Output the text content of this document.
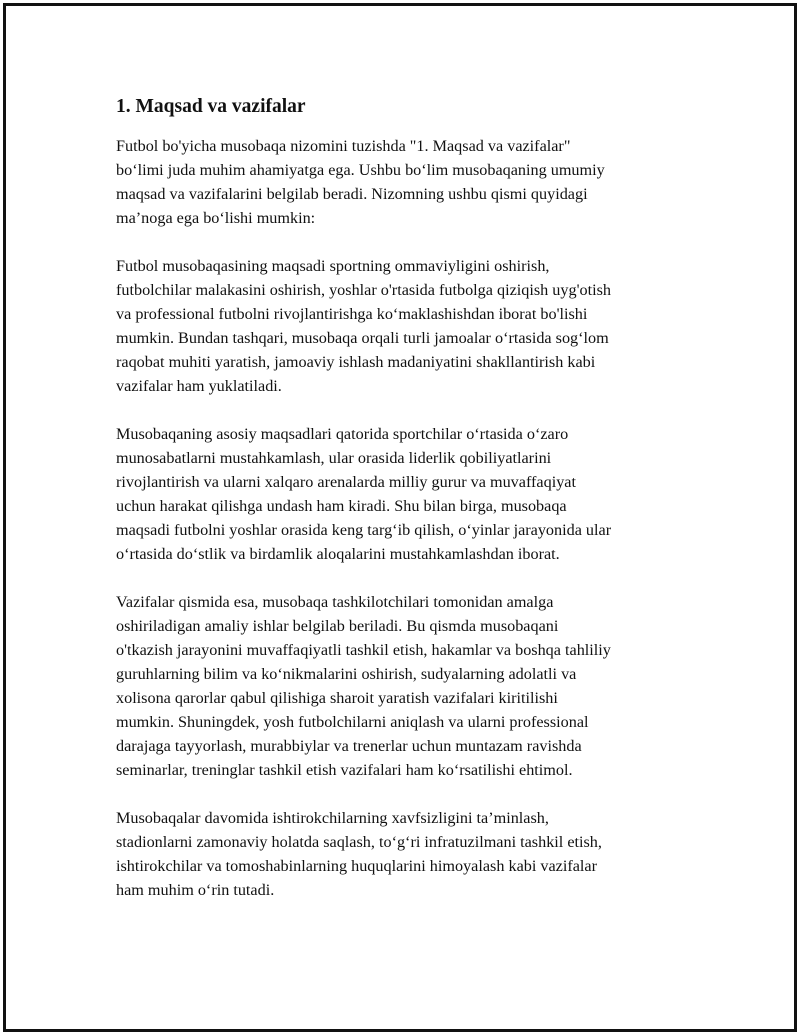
1. Maqsad va vazifalar

Futbol bo'yicha musobaqa nizomini tuzishda "1. Maqsad va vazifalar"
bo‘limi juda muhim ahamiyatga ega. Ushbu bo‘lim musobaqaning umumiy
maqsad va vazifalarini belgilab beradi. Nizomning ushbu qismi quyidagi
ma’noga ega bo‘lishi mumkin:

Futbol musobaqasining maqsadi sportning ommaviyligini oshirish,
futbolchilar malakasini oshirish, yoshlar o'rtasida futbolga qiziqish uyg'otish
va professional futbolni rivojlantirishga ko‘maklashishdan iborat bo'lishi
mumkin. Bundan tashqari, musobaqa orqali turli jamoalar o‘rtasida sog‘lom
raqobat muhiti yaratish, jamoaviy ishlash madaniyatini shakllantirish kabi
vazifalar ham yuklatiladi.

Musobaqaning asosiy maqsadlari qatorida sportchilar o‘rtasida o‘zaro
munosabatlarni mustahkamlash, ular orasida liderlik qobiliyatlarini
rivojlantirish va ularni xalqaro arenalarda milliy gurur va muvaffaqiyat
uchun harakat qilishga undash ham kiradi. Shu bilan birga, musobaqa
maqsadi futbolni yoshlar orasida keng targ‘ib qilish, o‘yinlar jarayonida ular
o‘rtasida do‘stlik va birdamlik aloqalarini mustahkamlashdan iborat.

Vazifalar qismida esa, musobaqa tashkilotchilari tomonidan amalga
oshiriladigan amaliy ishlar belgilab beriladi. Bu qismda musobaqani
o'tkazish jarayonini muvaffaqiyatli tashkil etish, hakamlar va boshqa tahliliy
guruhlarning bilim va ko‘nikmalarini oshirish, sudyalarning adolatli va
xolisona qarorlar qabul qilishiga sharoit yaratish vazifalari kiritilishi
mumkin. Shuningdek, yosh futbolchilarni aniqlash va ularni professional
darajaga tayyorlash, murabbiylar va trenerlar uchun muntazam ravishda
seminarlar, treninglar tashkil etish vazifalari ham ko‘rsatilishi ehtimol.

Musobaqalar davomida ishtirokchilarning xavfsizligini ta’minlash,
stadionlarni zamonaviy holatda saqlash, to‘g‘ri infratuzilmani tashkil etish,
ishtirokchilar va tomoshabinlarning huquqlarini himoyalash kabi vazifalar
ham muhim o‘rin tutadi.
